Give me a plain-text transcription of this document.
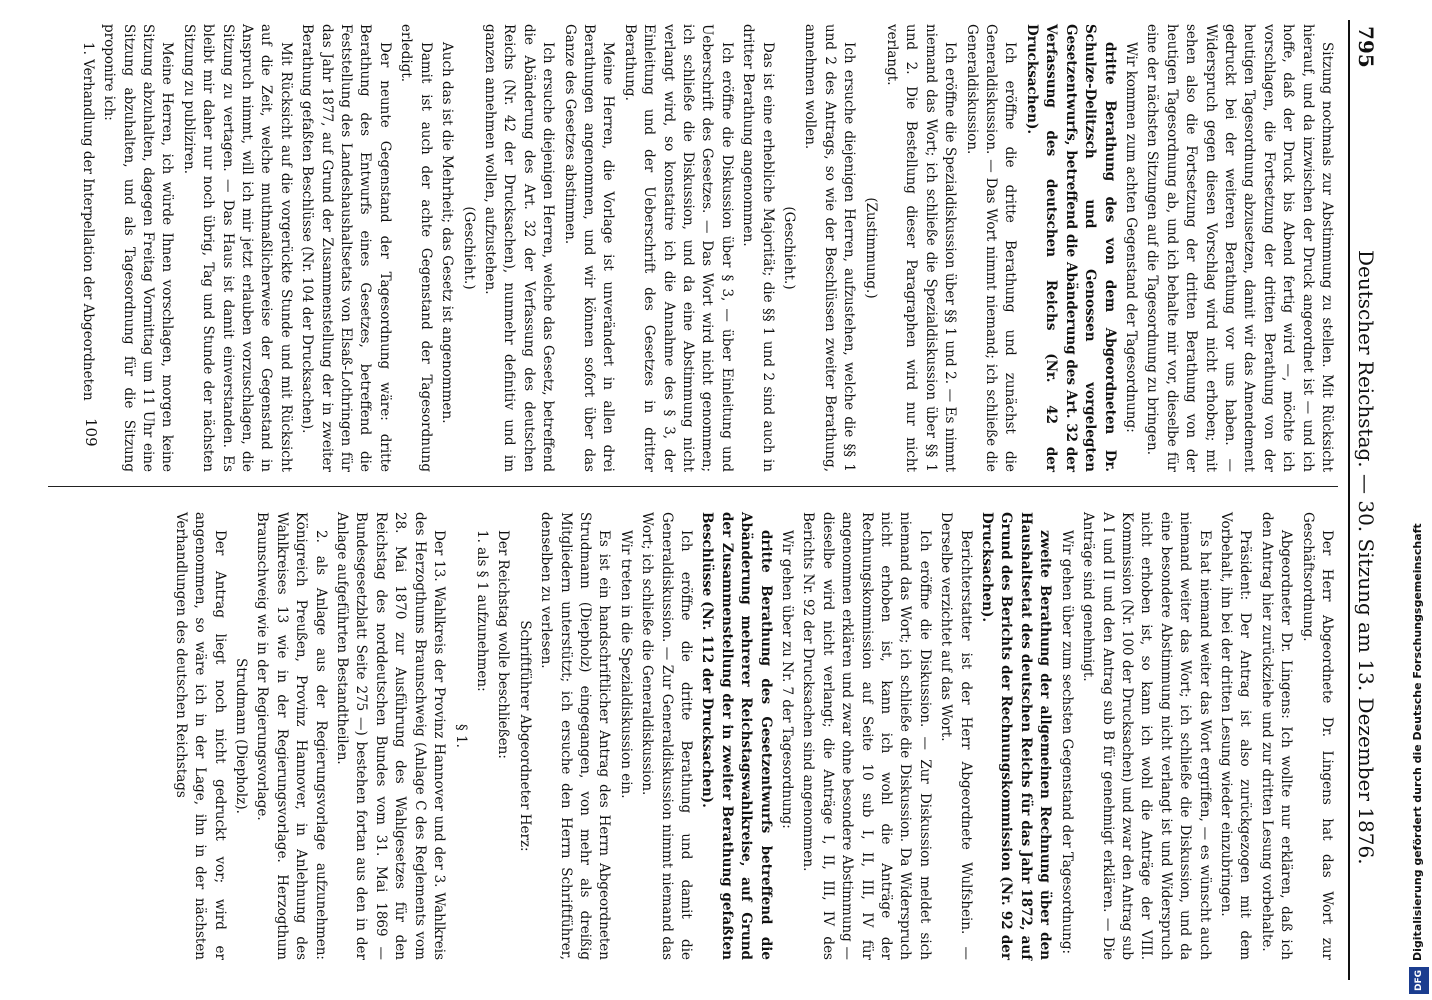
795
Deutscher Reichstag. — 30. Sitzung am 13. Dezember 1876.

Sitzung nochmals zur Abstimmung zu stellen. Mit Rücksicht hierauf, und da inzwischen der Druck angeordnet ist — und ich hoffe, daß der Druck bis Abend fertig wird —, möchte ich vorschlagen, die Fortsetzung der dritten Berathung von der heutigen Tagesordnung abzusetzen, damit wir das Amendement gedruckt bei der weiteren Berathung vor uns haben. — Widerspruch gegen diesen Vorschlag wird nicht erhoben; mit sehen also die Fortsetzung der dritten Berathung von der heutigen Tagesordnung ab, und ich behalte mir vor, dieselbe für eine der nächsten Sitzungen auf die Tagesordnung zu bringen.

Wir kommen zum achten Gegenstand der Tagesordnung:

dritte Berathung des von dem Abgeordneten Dr. Schulze-Delitzsch und Genossen vorgelegten Gesetzentwurfs, betreffend die Abänderung des Art. 32 der Verfassung des deutschen Reichs (Nr. 42 der Drucksachen).

Ich eröffne die dritte Berathung und zunächst die Generaldiskussion. — Das Wort nimmt niemand; ich schließe die Generaldiskussion.

Ich eröffne die Spezialdiskussion über §§ 1 und 2. — Es nimmt niemand das Wort; ich schließe die Spezialdiskussion über §§ 1 und 2. Die Bestellung dieser Paragraphen wird nur nicht verlangt.

(Zustimmung.)

Ich ersuche diejenigen Herren, aufzustehen, welche die §§ 1 und 2 des Antrags, so wie der Beschlüssen zweiter Berathung, annehmen wollen.

(Geschieht.)

Das ist eine erhebliche Majorität; die §§ 1 und 2 sind auch in dritter Berathung angenommen.

Ich eröffne die Diskussion über § 3, — über Einleitung und Ueberschrift des Gesetzes. — Das Wort wird nicht genommen; ich schließe die Diskussion, und da eine Abstimmung nicht verlangt wird, so konstatire ich die Annahme des § 3, der Einleitung und der Ueberschrift des Gesetzes in dritter Berathung.

Meine Herren, die Vorlage ist unverändert in allen drei Berathungen angenommen, und wir können sofort über das Ganze des Gesetzes abstimmen.

Ich ersuche diejenigen Herren, welche das Gesetz, betreffend die Abänderung des Art. 32 der Verfassung des deutschen Reichs (Nr. 42 der Drucksachen), nunmehr definitiv und im ganzen annehmen wollen, aufzustehen.

(Geschieht.)

Auch das ist die Mehrheit; das Gesetz ist angenommen.

Damit ist auch der achte Gegenstand der Tagesordnung erledigt.

Der neunte Gegenstand der Tagesordnung wäre: dritte Berathung des Entwurfs eines Gesetzes, betreffend die Feststellung des Landeshaushaltsetats von Elsaß-Lothringen für das Jahr 1877, auf Grund der Zusammenstellung der in zweiter Berathung gefaßten Beschlüsse (Nr. 104 der Drucksachen).

Mit Rücksicht auf die vorgerückte Stunde und mit Rücksicht auf die Zeit, welche muthmaßlicherweise der Gegenstand in Anspruch nimmt, will ich mir jetzt erlauben vorzuschlagen, die Sitzung zu vertagen. — Das Haus ist damit einverstanden. Es bleibt mir daher nur noch übrig, Tag und Stunde der nächsten Sitzung zu publiziren.

Meine Herren, ich würde Ihnen vorschlagen, morgen keine Sitzung abzuhalten, dagegen Freitag Vormittag um 11 Uhr eine Sitzung abzuhalten, und als Tagesordnung für die Sitzung proponire ich:

1. Verhandlung der Interpellation der Abgeordneten

Der Herr Abgeordnete Dr. Lingens hat das Wort zur Geschäftsordnung.

Abgeordneter Dr. Lingens: Ich wollte nur erklären, daß ich den Antrag hier zurückziehe und zur dritten Lesung vorbehalte.

Präsident: Der Antrag ist also zurückgezogen mit dem Vorbehalt, ihn bei der dritten Lesung wieder einzubringen.

Es hat niemand weiter das Wort ergriffen, — es wünscht auch niemand weiter das Wort; ich schließe die Diskussion, und da eine besondere Abstimmung nicht verlangt ist und Widerspruch nicht erhoben ist, so kann ich wohl die Anträge der VIII. Kommission (Nr. 100 der Drucksachen) und zwar den Antrag sub A I und II und den Antrag sub B für genehmigt erklären. — Die Anträge sind genehmigt.

Wir gehen über zum sechsten Gegenstand der Tagesordnung:

zweite Berathung der allgemeinen Rechnung über den Haushaltsetat des deutschen Reichs für das Jahr 1872, auf Grund des Berichts der Rechnungskommission (Nr. 92 der Drucksachen).

Berichterstatter ist der Herr Abgeordnete Wulfshein. — Derselbe verzichtet auf das Wort.

Ich eröffne die Diskussion. — Zur Diskussion meldet sich niemand das Wort; ich schließe die Diskussion. Da Widerspruch nicht erhoben ist, kann ich wohl die Anträge der Rechnungskommission auf Seite 10 sub I, II, III, IV für angenommen erklären und zwar ohne besondere Abstimmung — dieselbe wird nicht verlangt; die Anträge I, II, III, IV des Berichts Nr. 92 der Drucksachen sind angenommen.

Wir gehen über zu Nr. 7 der Tagesordnung:

dritte Berathung des Gesetzentwurfs betreffend die Abänderung mehrerer Reichstagswahlkreise, auf Grund der Zusammenstellung der in zweiter Berathung gefaßten Beschlüsse (Nr. 112 der Drucksachen).

Ich eröffne die dritte Berathung und damit die Generaldiskussion. — Zur Generaldiskussion nimmt niemand das Wort; ich schließe die Generaldiskussion.

Wir treten in die Spezialdiskussion ein.

Es ist ein handschriftlicher Antrag des Herrn Abgeordneten Strudmann (Diepholz) eingegangen, von mehr als dreißig Mitgliedern unterstützt; ich ersuche den Herrn Schriftführer, denselben zu verlesen.

Schriftführer Abgeordneter Herz:

Der Reichstag wolle beschließen:

1. als § 1 aufzunehmen:

§ 1.

Der 13. Wahlkreis der Provinz Hannover und der 3. Wahlkreis des Herzogthums Braunschweig (Anlage C des Reglements vom 28. Mai 1870 zur Ausführung des Wahlgesetzes für den Reichstag des norddeutschen Bundes vom 31. Mai 1869 — Bundesgesetzblatt Seite 275 —) bestehen fortan aus den in der Anlage aufgeführten Bestandtheilen.

2. als Anlage aus der Regierungsvorlage aufzunehmen: Königreich Preußen, Provinz Hannover, in Anlehnung des Wahlkreises 13 wie in der Regierungsvorlage. Herzogthum Braunschweig wie in der Regierungsvorlage.

Strudmann (Diepholz).

Der Antrag liegt noch nicht gedruckt vor; wird er angenommen, so wäre ich in der Lage, ihn in der nächsten Verhandlungen des deutschen Reichstags

109
DFGDigitalisierung gefördert durch die Deutsche Forschungsgemeinschaft
